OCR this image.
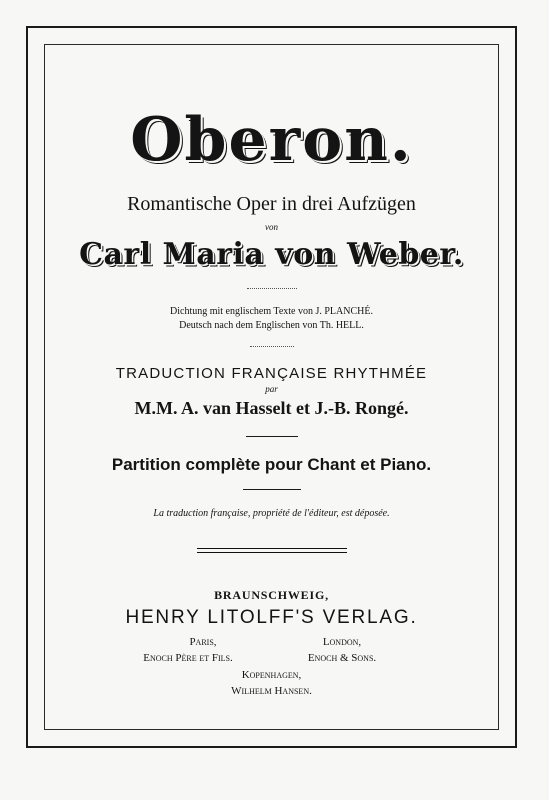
Oberon.
Romantische Oper in drei Aufzügen
von
Carl Maria von Weber.
Dichtung mit englischem Texte von J. PLANCHÉ.
Deutsch nach dem Englischen von Th. HELL.
TRADUCTION FRANÇAISE RHYTHMÉE
par
M.M. A. van Hasselt et J.-B. Rongé.
Partition complète pour Chant et Piano.
La traduction française, propriété de l'éditeur, est déposée.
BRAUNSCHWEIG,
HENRY LITOLFF'S VERLAG.
Paris,
Enoch Père et Fils.
London,
Enoch & Sons.
Kopenhagen,
Wilhelm Hansen.
